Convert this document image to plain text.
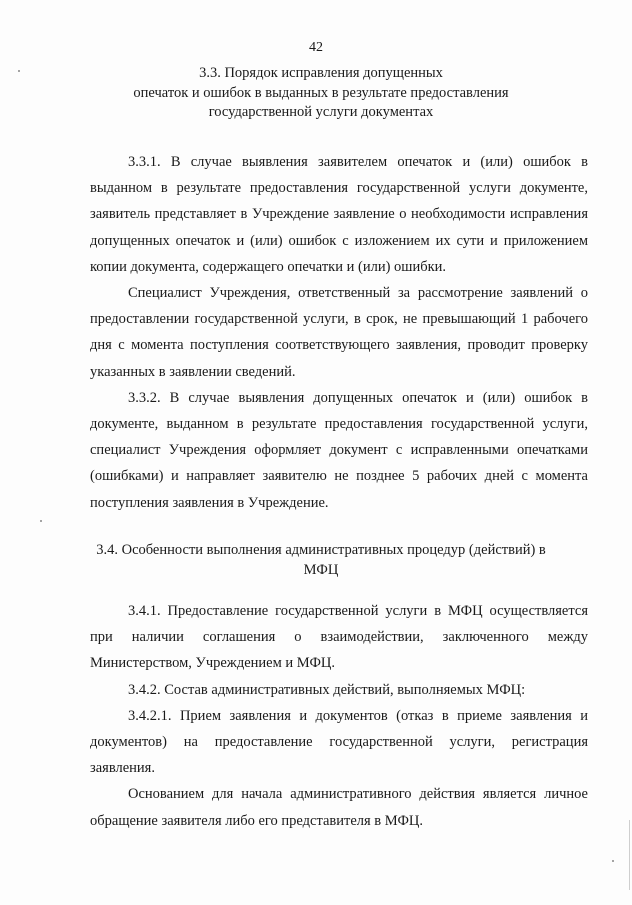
42
3.3. Порядок исправления допущенных
опечаток и ошибок в выданных в результате предоставления
государственной услуги документах

3.3.1. В случае выявления заявителем опечаток и (или) ошибок в выданном в результате предоставления государственной услуги документе, заявитель представляет в Учреждение заявление о необходимости исправления допущенных опечаток и (или) ошибок с изложением их сути и приложением копии документа, содержащего опечатки и (или) ошибки.

Специалист Учреждения, ответственный за рассмотрение заявлений о предоставлении государственной услуги, в срок, не превышающий 1 рабочего дня с момента поступления соответствующего заявления, проводит проверку указанных в заявлении сведений.

3.3.2. В случае выявления допущенных опечаток и (или) ошибок в документе, выданном в результате предоставления государственной услуги, специалист Учреждения оформляет документ с исправленными опечатками (ошибками) и направляет заявителю не позднее 5 рабочих дней с момента поступления заявления в Учреждение.

3.4. Особенности выполнения административных процедур (действий) в
МФЦ

3.4.1. Предоставление государственной услуги в МФЦ осуществляется при наличии соглашения о взаимодействии, заключенного между Министерством, Учреждением и МФЦ.

3.4.2. Состав административных действий, выполняемых МФЦ:

3.4.2.1. Прием заявления и документов (отказ в приеме заявления и документов) на предоставление государственной услуги, регистрация заявления.

Основанием для начала административного действия является личное обращение заявителя либо его представителя в МФЦ.
